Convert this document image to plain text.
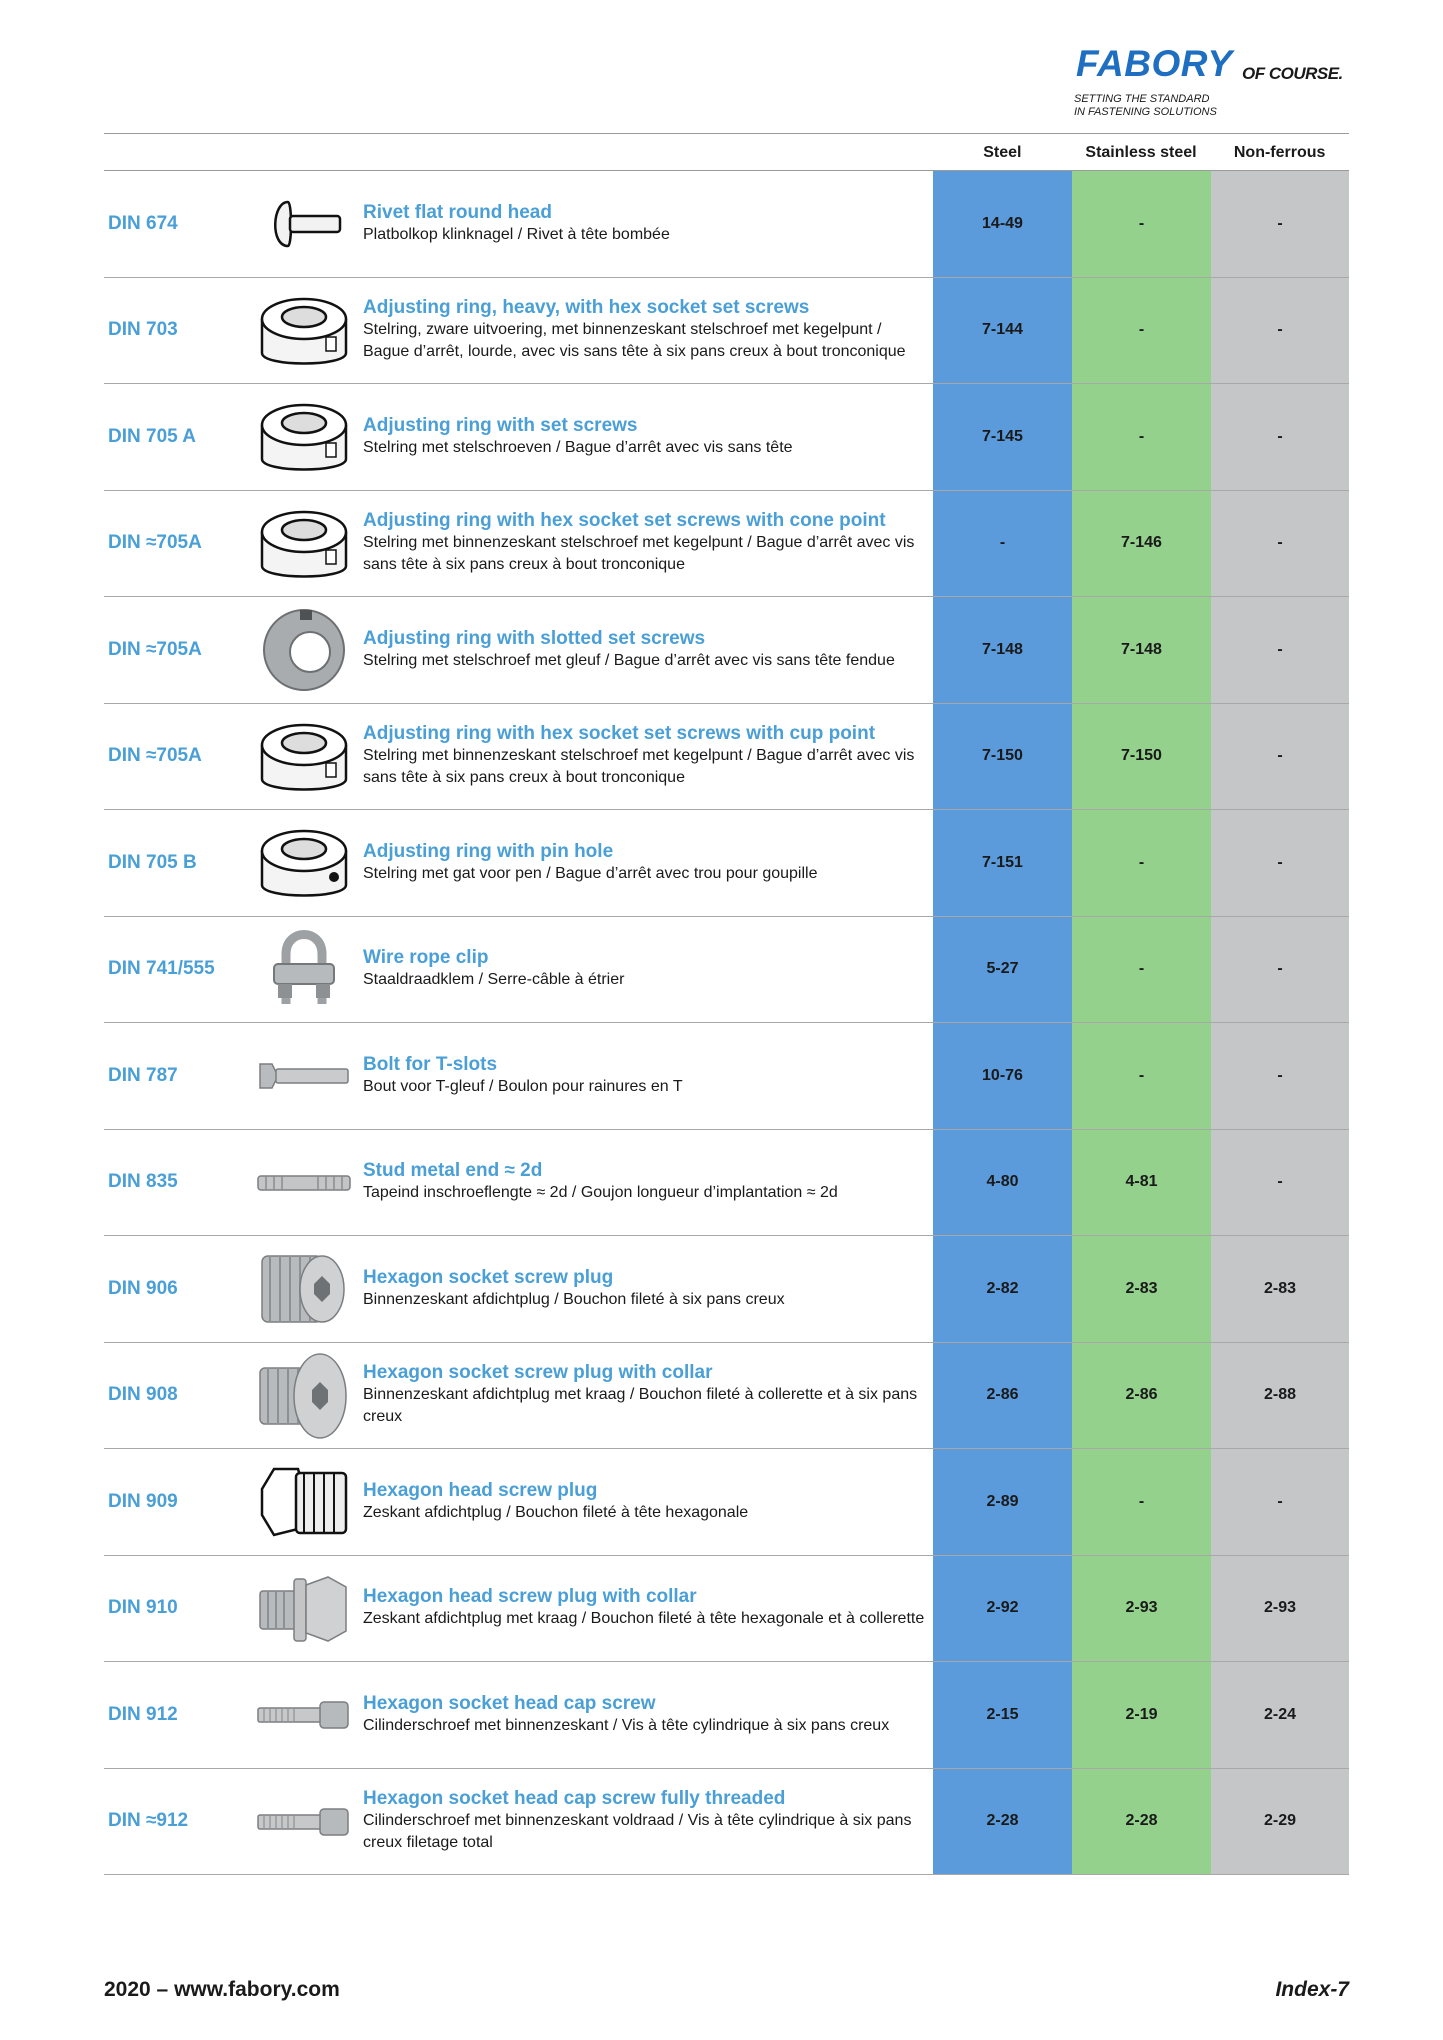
FABORY OF COURSE.
SETTING THE STANDARD
IN FASTENING SOLUTIONS
Steel	Stainless steel	Non-ferrous
DIN 674
Rivet flat round head
Platbolkop klinknagel / Rivet à tête bombée
14-49	-	-
DIN 703
Adjusting ring, heavy, with hex socket set screws
Stelring, zware uitvoering, met binnenzeskant stelschroef met kegelpunt / Bague d’arrêt, lourde, avec vis sans tête à six pans creux à bout tronconique
7-144	-	-
DIN 705 A
Adjusting ring with set screws
Stelring met stelschroeven / Bague d’arrêt avec vis sans tête
7-145	-	-
DIN ≈705A
Adjusting ring with hex socket set screws with cone point
Stelring met binnenzeskant stelschroef met kegelpunt / Bague d’arrêt avec vis sans tête à six pans creux à bout tronconique
-	7-146	-
DIN ≈705A
Adjusting ring with slotted set screws
Stelring met stelschroef met gleuf / Bague d’arrêt avec vis sans tête fendue
7-148	7-148	-
DIN ≈705A
Adjusting ring with hex socket set screws with cup point
Stelring met binnenzeskant stelschroef met kegelpunt / Bague d’arrêt avec vis sans tête à six pans creux à bout tronconique
7-150	7-150	-
DIN 705 B
Adjusting ring with pin hole
Stelring met gat voor pen / Bague d’arrêt avec trou pour goupille
7-151	-	-
DIN 741/555
Wire rope clip
Staaldraadklem / Serre-câble à étrier
5-27	-	-
DIN 787
Bolt for T-slots
Bout voor T-gleuf / Boulon pour rainures en T
10-76	-	-
DIN 835
Stud metal end ≈ 2d
Tapeind inschroeflengte ≈ 2d / Goujon longueur d’implantation ≈ 2d
4-80	4-81	-
DIN 906
Hexagon socket screw plug
Binnenzeskant afdichtplug / Bouchon fileté à six pans creux
2-82	2-83	2-83
DIN 908
Hexagon socket screw plug with collar
Binnenzeskant afdichtplug met kraag / Bouchon fileté à collerette et à six pans creux
2-86	2-86	2-88
DIN 909
Hexagon head screw plug
Zeskant afdichtplug / Bouchon fileté à tête hexagonale
2-89	-	-
DIN 910
Hexagon head screw plug with collar
Zeskant afdichtplug met kraag / Bouchon fileté à tête hexagonale et à collerette
2-92	2-93	2-93
DIN 912
Hexagon socket head cap screw
Cilinderschroef met binnenzeskant / Vis à tête cylindrique à six pans creux
2-15	2-19	2-24
DIN ≈912
Hexagon socket head cap screw fully threaded
Cilinderschroef met binnenzeskant voldraad / Vis à tête cylindrique à six pans creux filetage total
2-28	2-28	2-29
2020 – www.fabory.com	Index-7
